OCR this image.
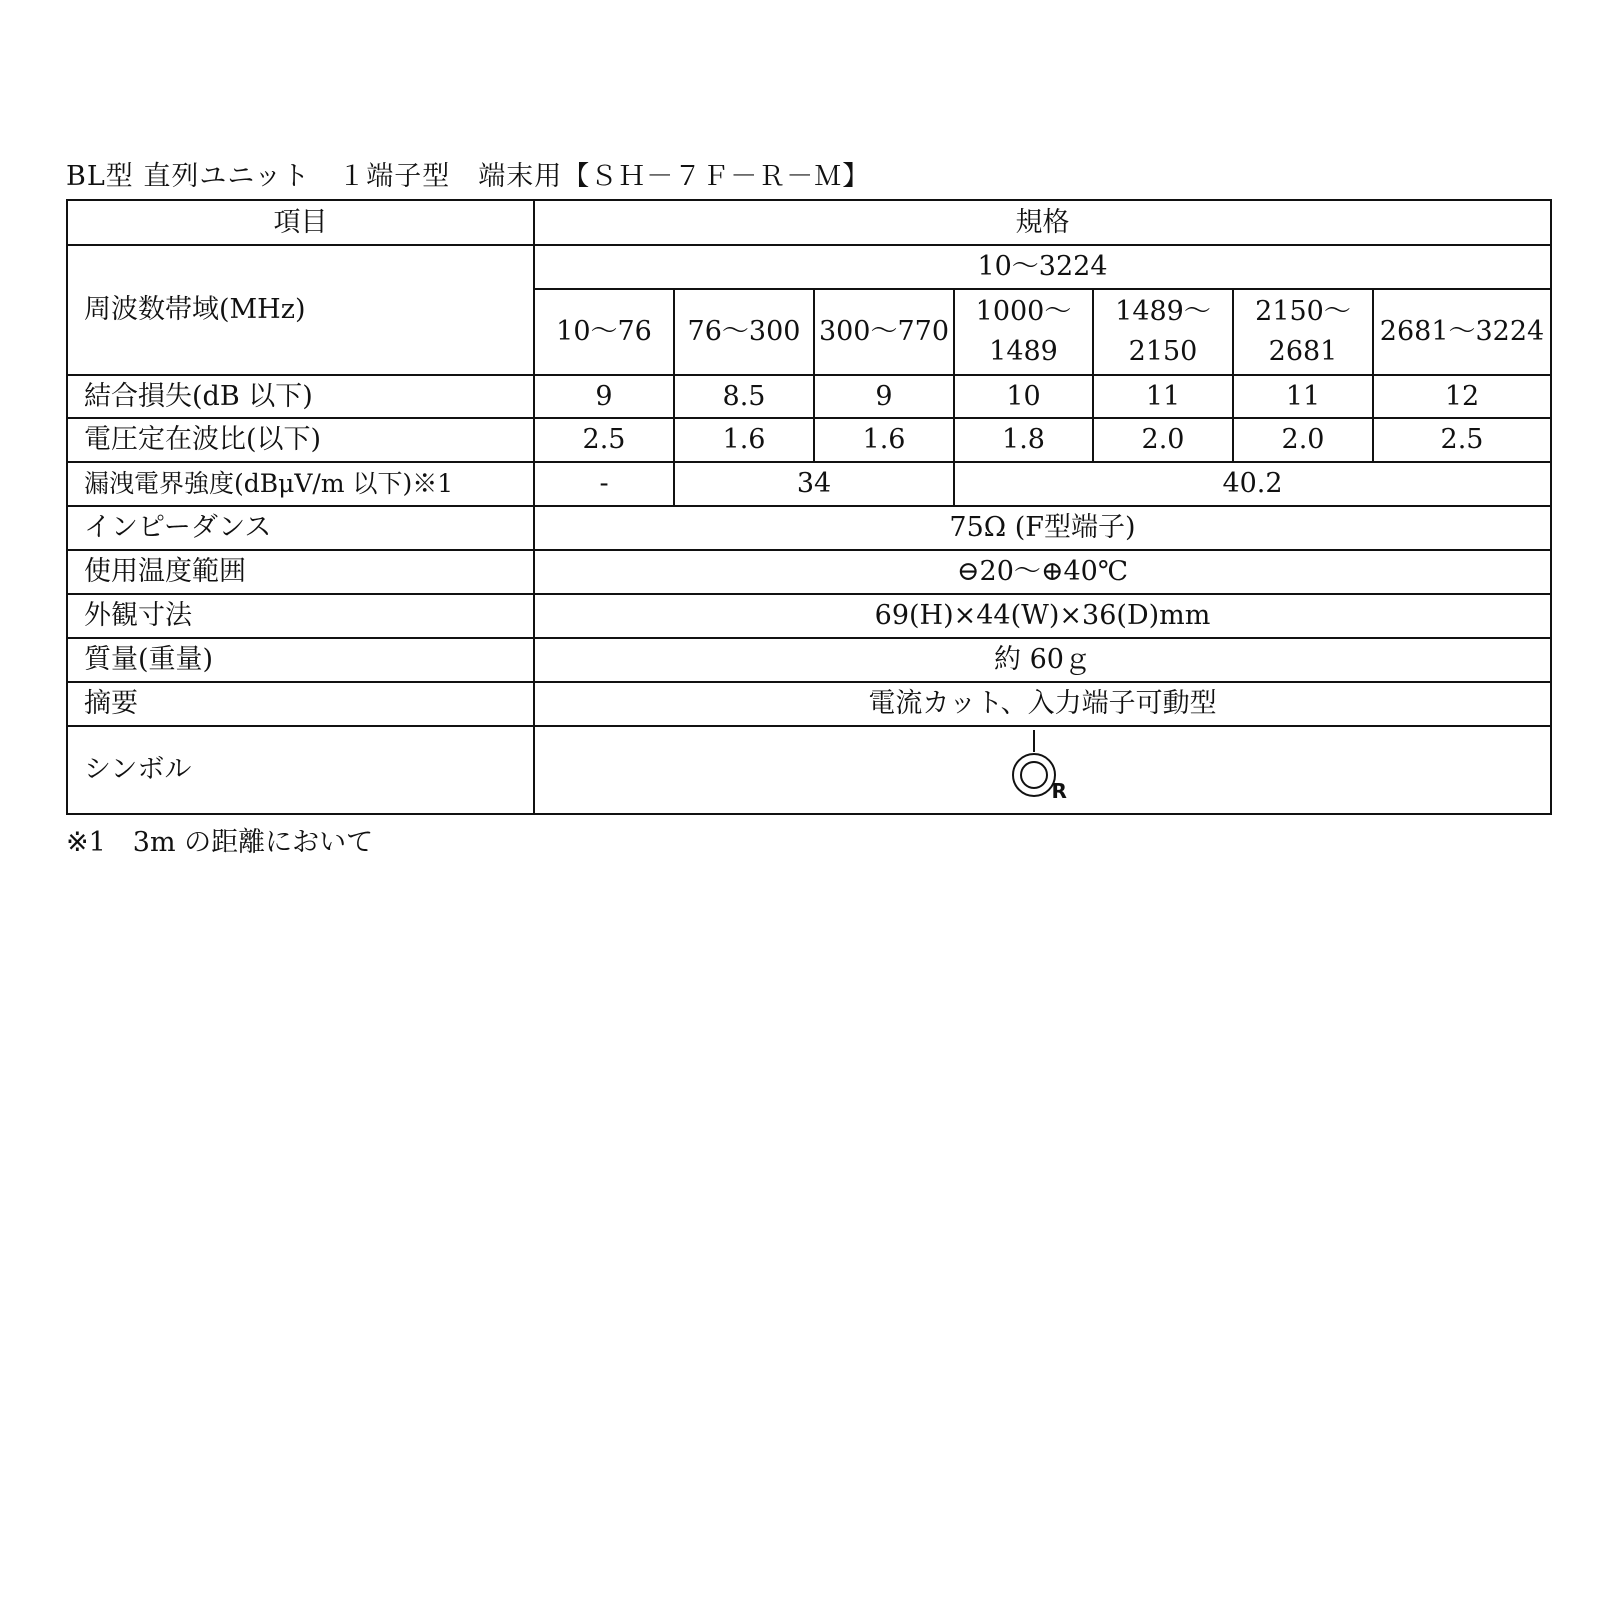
BL型 直列ユニット　１端子型　端末用【ＳＨ－７Ｆ－Ｒ－Ｍ】
項目	規格						
周波数帯域(MHz)	10～3224						
	10～76	76～300	300～770	1000～1489	1489～2150	2150～2681	2681～3224
結合損失(dB 以下)	9	8.5	9	10	11	11	12
電圧定在波比(以下)	2.5	1.6	1.6	1.8	2.0	2.0	2.5
漏洩電界強度(dBμV/m 以下)※1	-	34		40.2			
インピーダンス	75Ω (F型端子)						
使用温度範囲	⊖20～⊕40℃						
外観寸法	69(H)×44(W)×36(D)mm						
質量(重量)	約 60ｇ						
摘要	電流カット、入力端子可動型						
シンボル	R						
※1　3m の距離において
